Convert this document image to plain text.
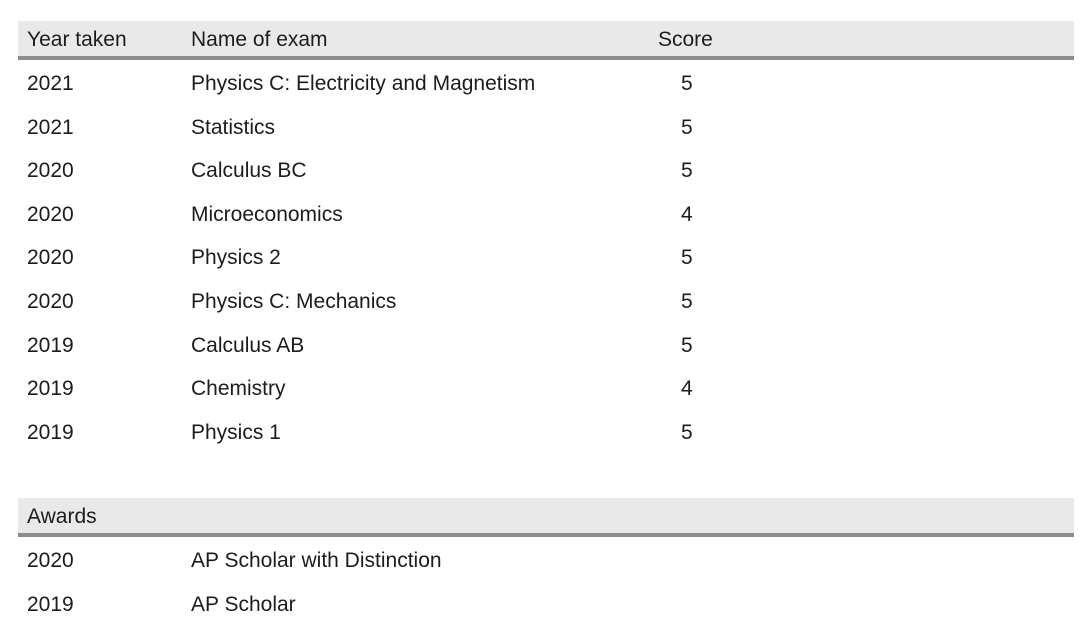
Year taken	Name of exam	Score
2021	Physics C: Electricity and Magnetism	5
2021	Statistics	5
2020	Calculus BC	5
2020	Microeconomics	4
2020	Physics 2	5
2020	Physics C: Mechanics	5
2019	Calculus AB	5
2019	Chemistry	4
2019	Physics 1	5
Awards
2020	AP Scholar with Distinction
2019	AP Scholar
